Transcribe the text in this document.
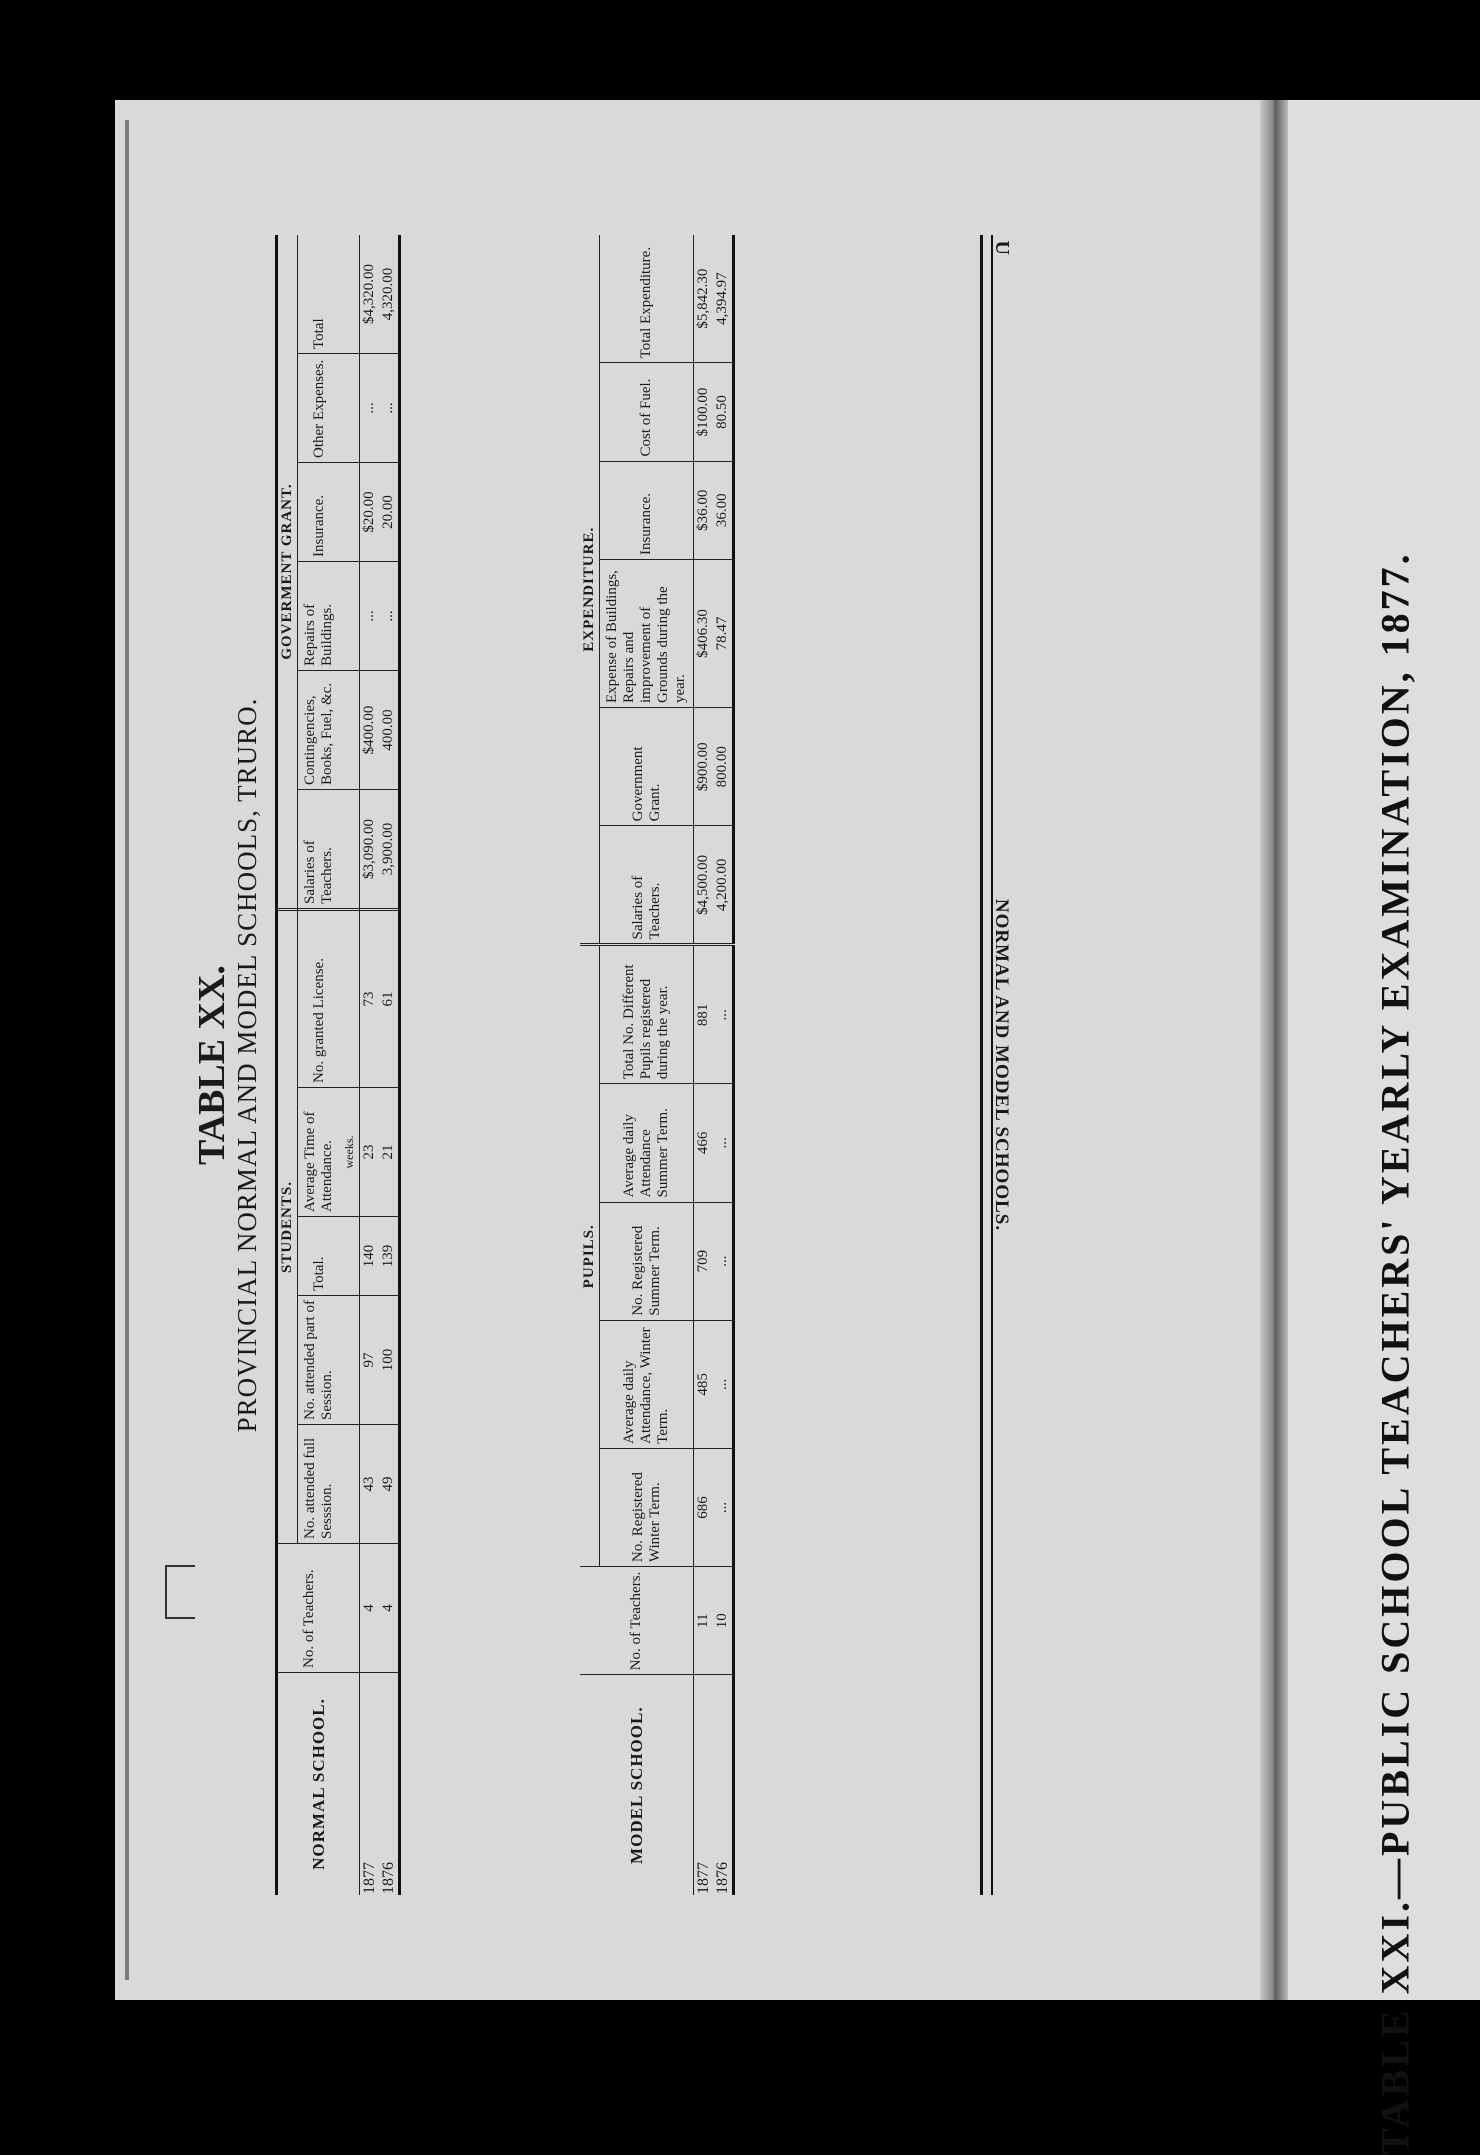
TABLE XXI.—PUBLIC SCHOOL TEACHERS' YEARLY EXAMINATION, 1877.
TABLE XX. PROVINCIAL NORMAL AND MODEL SCHOOLS, TRURO.
NORMAL SCHOOL.	No. of Teachers.	STUDENTS.					GOVERMENT GRANT.					
		No. attended full Sesssion.	No. attended part of Session.	Total.	Average Time of Attendance.	No. granted License.	Salaries of Teachers.	Contingencies, Books, Fuel, &c.	Repairs of Buildings.	Insurance.	Other Expenses.	Total
					weeks.							
1877	4	43	97	140	23	73	$3,090.00	$400.00	...	$20.00	...	$4,320.00
1876	4	49	100	139	21	61	3,900.00	400.00	...	20.00	...	4,320.00
MODEL SCHOOL.	No. of Teachers.	PUPILS.					EXPENDITURE.					
		No. Registered Winter Term.	Average daily Attendance, Winter Term.	No. Registered Summer Term.	Average daily Attendance Summer Term.	Total No. Different Pupils registered during the year.	Salaries of Teachers.	Government Grant.	Expense of Buildings, Repairs and improvement of Grounds during the year.	Insurance.	Cost of Fuel.	Total Expenditure.
1877	11	686	485	709	466	881	$4,500.00	$900.00	$406.30	$36.00	$100.00	$5,842.30
1876	10	...	...	...	...	...	4,200.00	800.00	78.47	36.00	80.50	4,394.97
U
NORMAL AND MODEL SCHOOLS.
